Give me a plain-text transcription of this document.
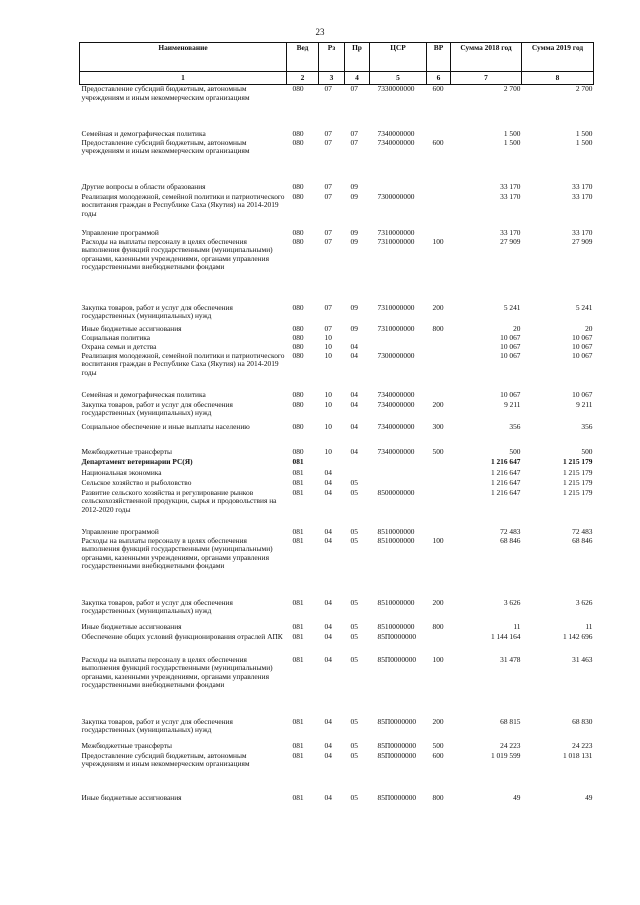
23
Наименование	Вед	Рз	Пр	ЦСР	ВР	Сумма 2018 год	Сумма 2019 год
1	2	3	4	5	6	7	8
Предоставление субсидий бюджетным, автономным учреждениям и иным некоммерческим организациям	080	07	07	7330000000	600	2 700	2 700
Семейная и демографическая политика	080	07	07	7340000000		1 500	1 500
Предоставление субсидий бюджетным, автономным учреждениям и иным некоммерческим организациям	080	07	07	7340000000	600	1 500	1 500
Другие вопросы в области образования	080	07	09			33 170	33 170
Реализация молодежной, семейной политики и патриотического воспитания граждан в Республике Саха (Якутия) на 2014-2019 годы	080	07	09	7300000000		33 170	33 170
Управление программой	080	07	09	7310000000		33 170	33 170
Расходы на выплаты персоналу в целях обеспечения выполнения функций государственными (муниципальными) органами, казенными учреждениями, органами управления государственными внебюджетными фондами	080	07	09	7310000000	100	27 909	27 909
Закупка товаров, работ и услуг для обеспечения государственных (муниципальных) нужд	080	07	09	7310000000	200	5 241	5 241
Иные бюджетные ассигнования	080	07	09	7310000000	800	20	20
Социальная политика	080	10				10 067	10 067
Охрана семьи и детства	080	10	04			10 067	10 067
Реализация молодежной, семейной политики и патриотического воспитания граждан в Республике Саха (Якутия) на 2014-2019 годы	080	10	04	7300000000		10 067	10 067
Семейная и демографическая политика	080	10	04	7340000000		10 067	10 067
Закупка товаров, работ и услуг для обеспечения государственных (муниципальных) нужд	080	10	04	7340000000	200	9 211	9 211
Социальное обеспечение и иные выплаты населению	080	10	04	7340000000	300	356	356
Межбюджетные трансферты	080	10	04	7340000000	500	500	500
Департамент ветеринарии РС(Я)	081					1 216 647	1 215 179
Национальная экономика	081	04				1 216 647	1 215 179
Сельское хозяйство и рыболовство	081	04	05			1 216 647	1 215 179
Развитие сельского хозяйства и регулирование рынков сельскохозяйственной продукции, сырья и продовольствия на 2012-2020 годы	081	04	05	8500000000		1 216 647	1 215 179
Управление программой	081	04	05	8510000000		72 483	72 483
Расходы на выплаты персоналу в целях обеспечения выполнения функций государственными (муниципальными) органами, казенными учреждениями, органами управления государственными внебюджетными фондами	081	04	05	8510000000	100	68 846	68 846
Закупка товаров, работ и услуг для обеспечения государственных (муниципальных) нужд	081	04	05	8510000000	200	3 626	3 626
Иные бюджетные ассигнования	081	04	05	8510000000	800	11	11
Обеспечение общих условий функционирования отраслей АПК	081	04	05	85П0000000		1 144 164	1 142 696
Расходы на выплаты персоналу в целях обеспечения выполнения функций государственными (муниципальными) органами, казенными учреждениями, органами управления государственными внебюджетными фондами	081	04	05	85П0000000	100	31 478	31 463
Закупка товаров, работ и услуг для обеспечения государственных (муниципальных) нужд	081	04	05	85П0000000	200	68 815	68 830
Межбюджетные трансферты	081	04	05	85П0000000	500	24 223	24 223
Предоставление субсидий бюджетным, автономным учреждениям и иным некоммерческим организациям	081	04	05	85П0000000	600	1 019 599	1 018 131
Иные бюджетные ассигнования	081	04	05	85П0000000	800	49	49
